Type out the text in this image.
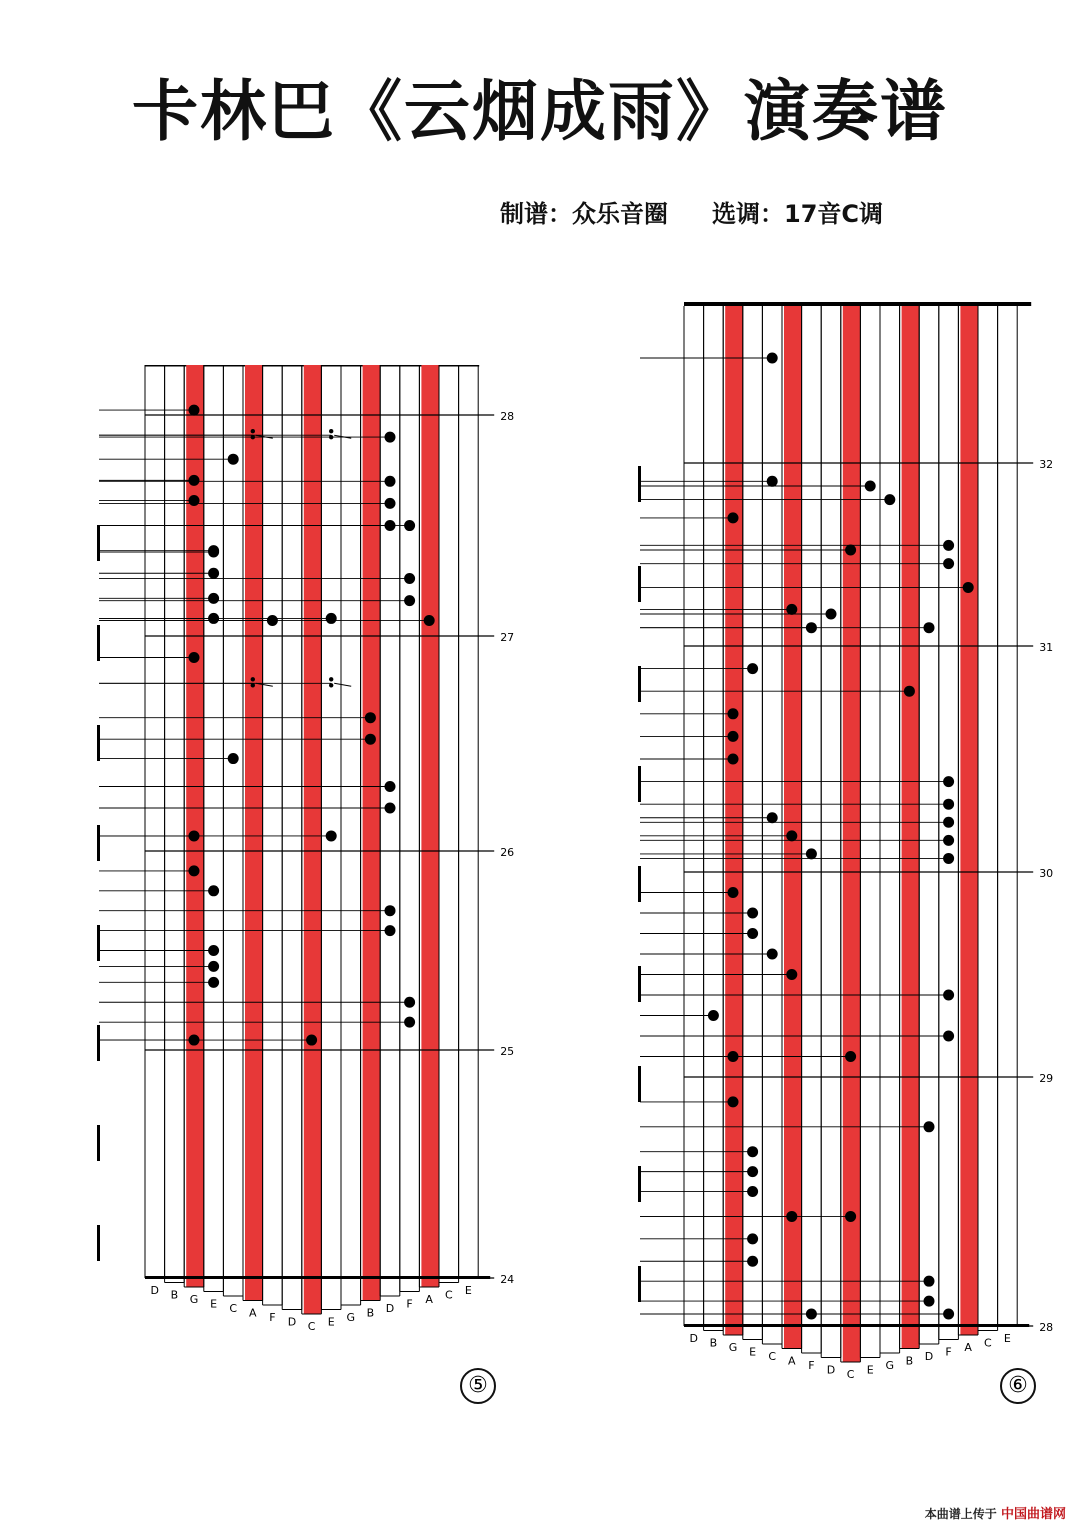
卡林巴《云烟成雨》演奏谱
制谱：众乐音圈 选调：17音C调
D B G E C A F D C E G B D F A C E
28
27
26
25
24
D B G E C A F D C E G B D F A C E
32
31
30
29
28
⑤	⑥
本曲谱上传于 中国曲谱网
